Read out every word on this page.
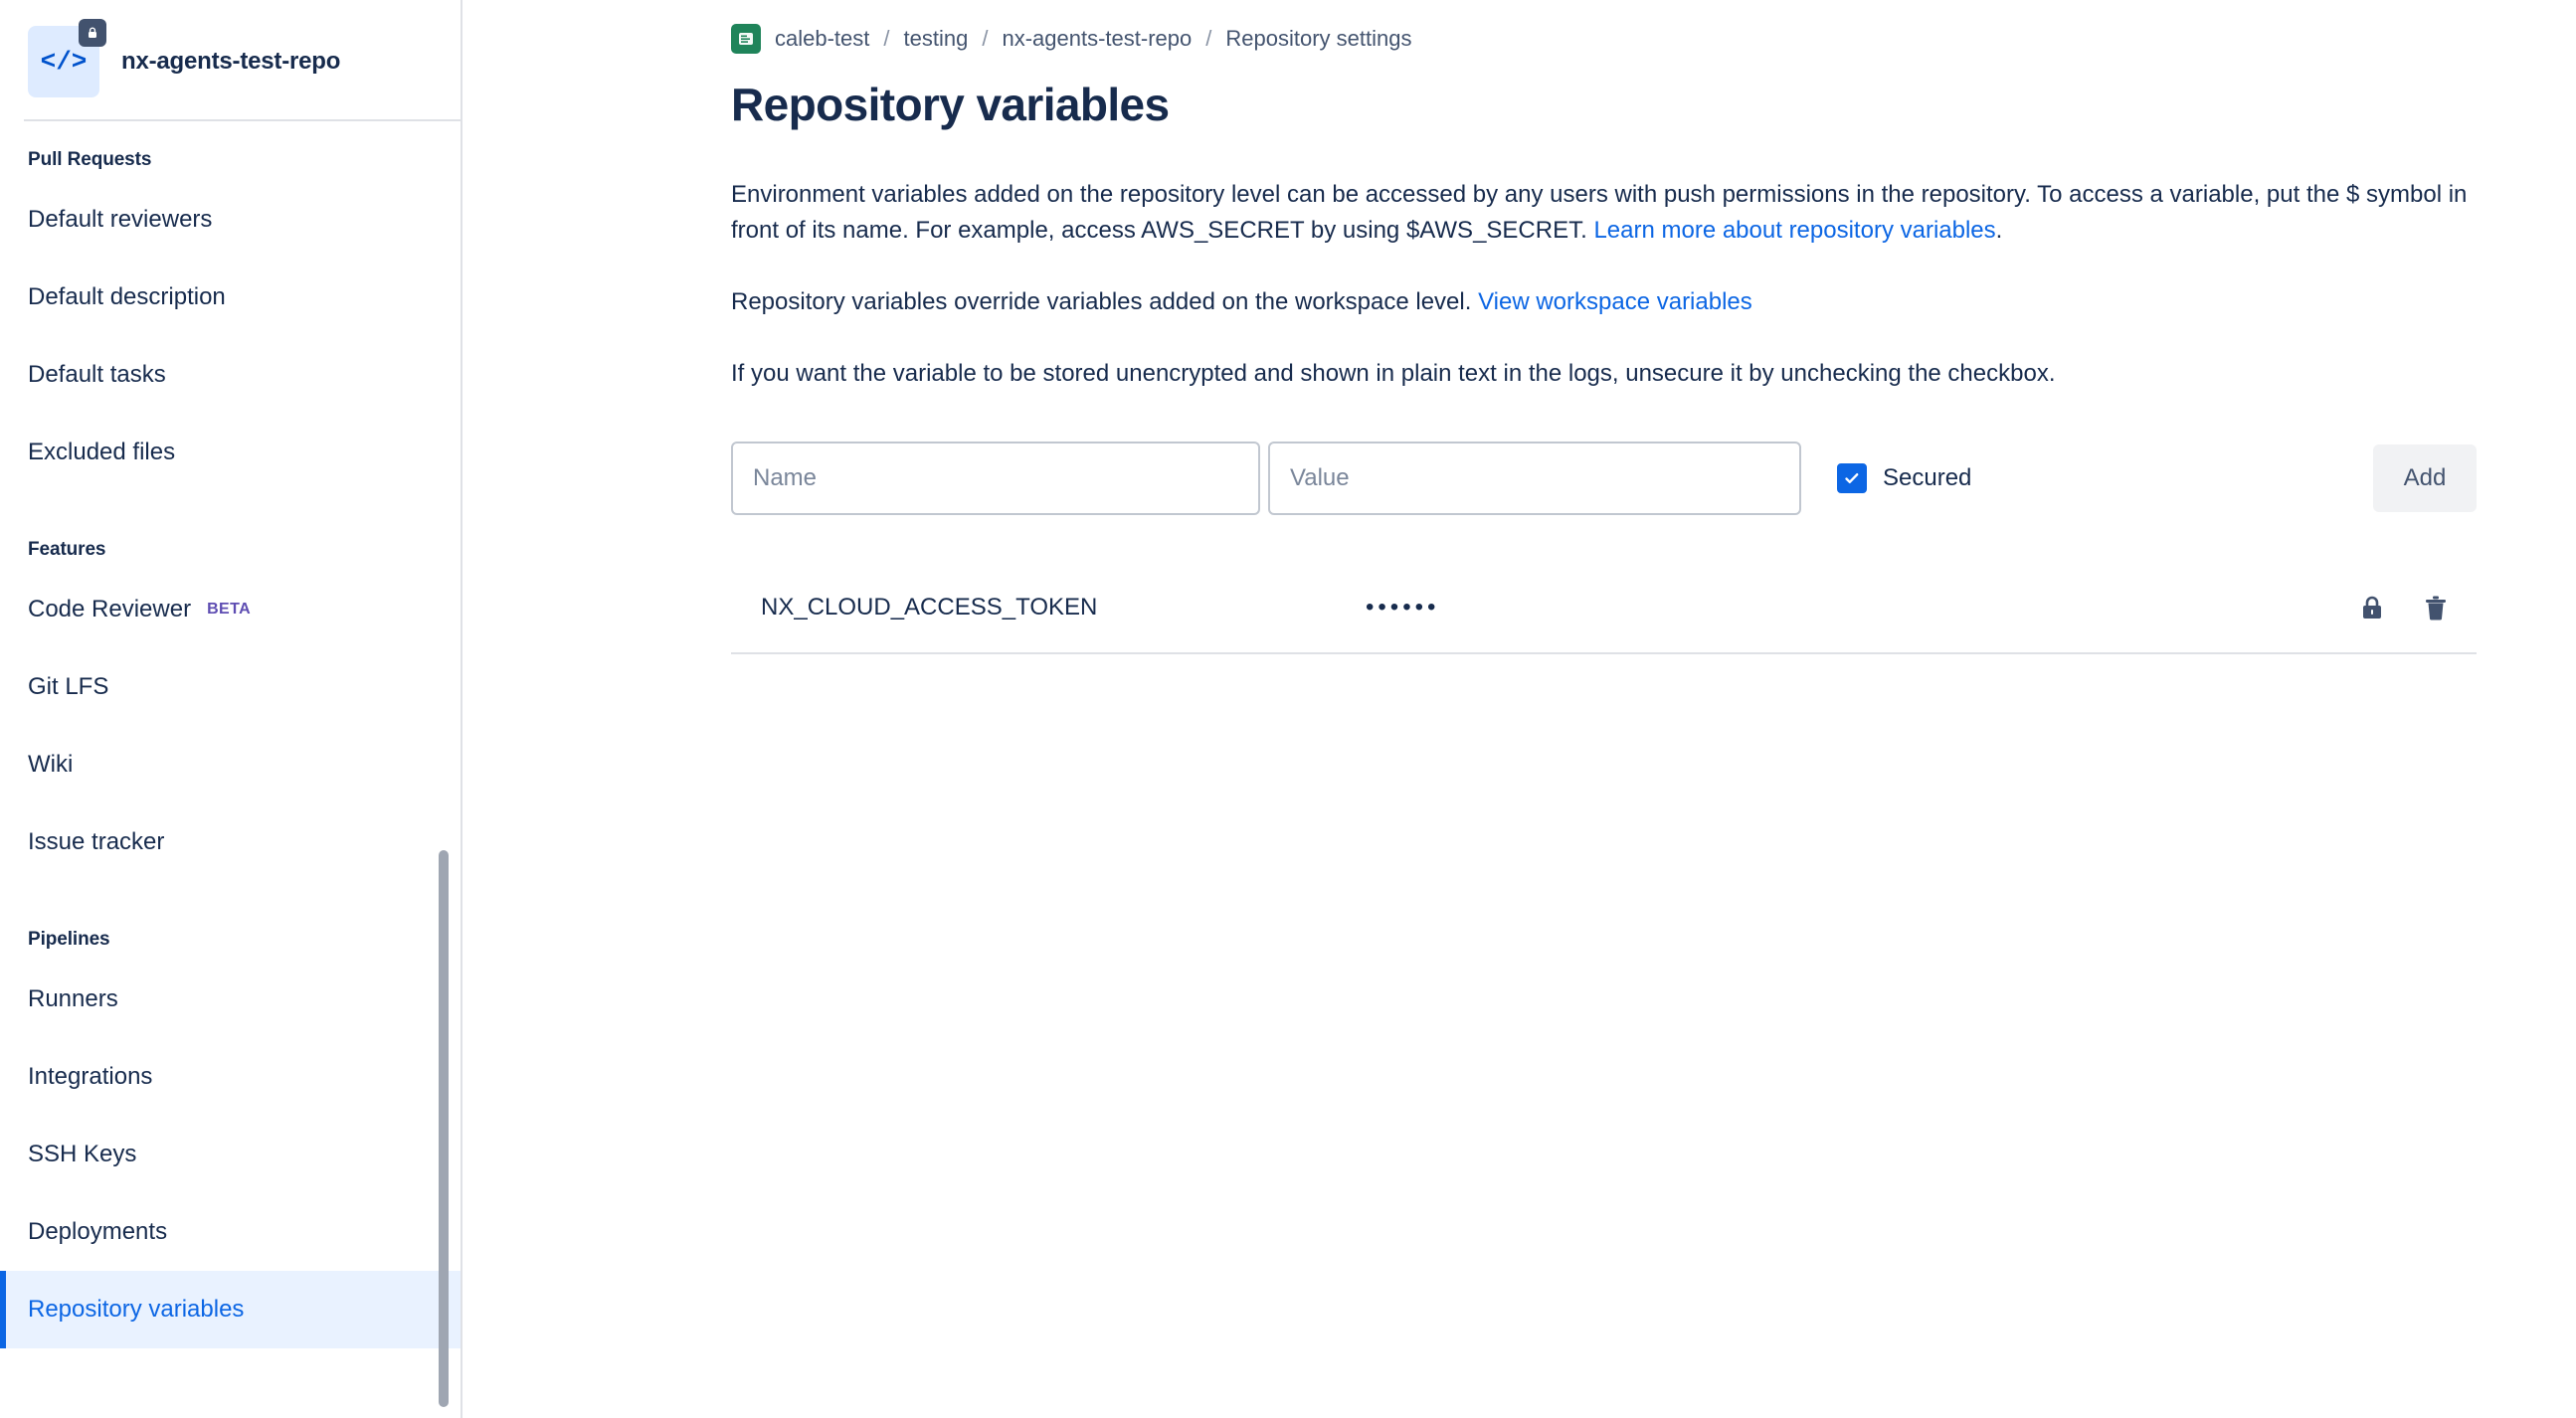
</> nx-agents-test-repo
Pull Requests
Default reviewers
Default description
Default tasks
Excluded files
Features
Code Reviewer BETA
Git LFS
Wiki
Issue tracker
Pipelines
Runners
Integrations
SSH Keys
Deployments
Repository variables
caleb-test / testing / nx-agents-test-repo / Repository settings
Repository variables

Environment variables added on the repository level can be accessed by any users with push permissions in the repository. To access a variable, put the $ symbol in front of its name. For example, access AWS_SECRET by using $AWS_SECRET. Learn more about repository variables.

Repository variables override variables added on the workspace level. View workspace variables

If you want the variable to be stored unencrypted and shown in plain text in the logs, unsecure it by unchecking the checkbox.

Name
Value
Secured	Add
NX_CLOUD_ACCESS_TOKEN	••••••
